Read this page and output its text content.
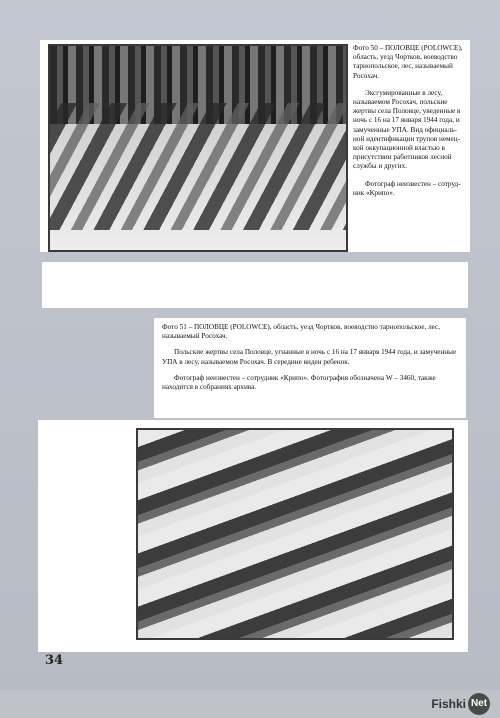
Фото 50 – ПОЛОВЦЕ (POLOWCE), область, уезд Чортков, воеводство тарнопольское, лес, называемый Росохач.

Эксгумированные в лесу, называемом Росохач, польские жертвы села Половце, уведенные в ночь с 16 на 17 января 1944 года, и замученные УПА. Вид официаль-ной идентификации трупов немец-кой оккупационной властью в присутствии работников лесной службы и других.

Фотограф неизвестен – сотруд-ник «Крипо».

Фото 51 – ПОЛОВЦЕ (POLOWCE), область, уезд Чортков, воеводство тарнопольское, лес, называемый Росохач.

Польские жертвы села Половце, угнанные в ночь с 16 на 17 января 1944 года, и замученные УПА в лесу, называемом Росохач. В середине виден ребенок.

Фотограф неизвестен – сотрудник «Крипо». Фотография обозначена W – 3460, также находится в собраниях архива.

34
Fishki Net
